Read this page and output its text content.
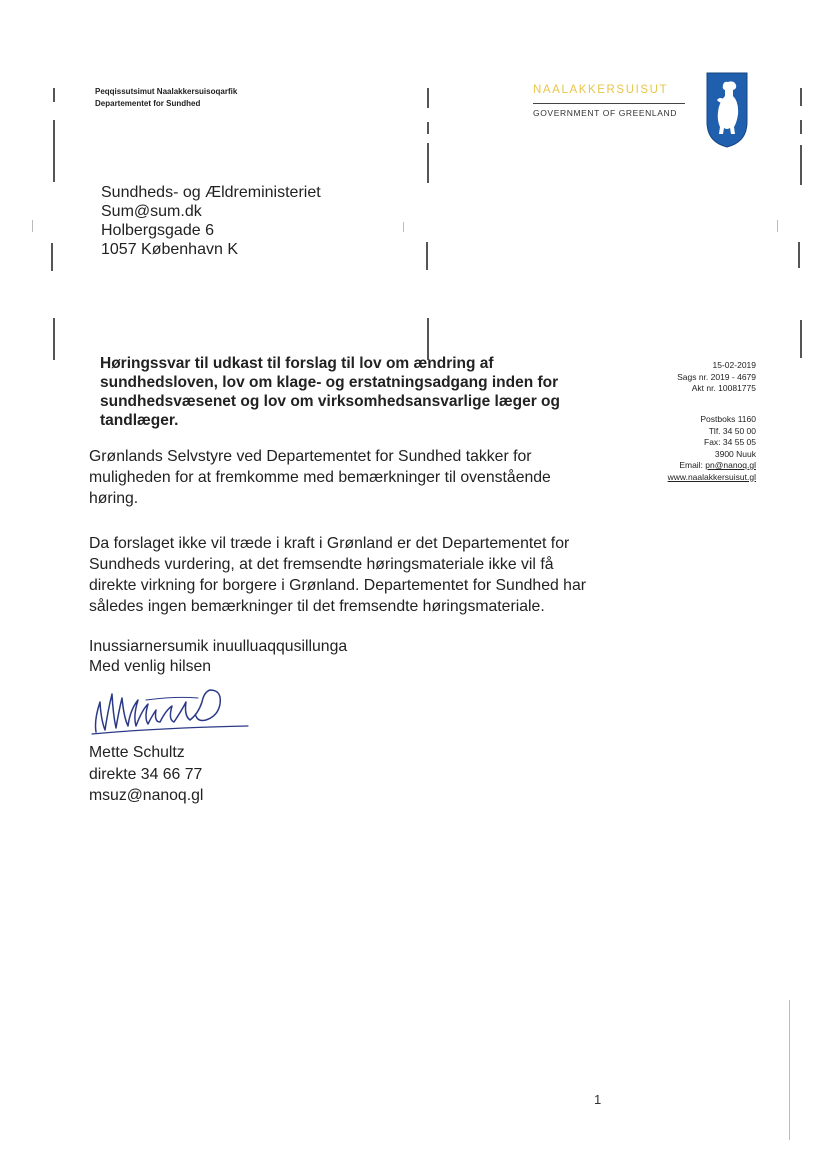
Peqqissutsimut Naalakkersuisoqarfik
Departementet for Sundhed
NAALAKKERSUISUT
GOVERNMENT OF GREENLAND
Sundheds- og Ældreministeriet
Sum@sum.dk
Holbergsgade 6
1057 København K
Høringssvar til udkast til forslag til lov om ændring af sundhedsloven, lov om klage- og erstatningsadgang inden for sundhedsvæsenet og lov om virksomhedsansvarlige læger og tandlæger.
15-02-2019
Sags nr. 2019 - 4679
Akt nr. 10081775
Postboks 1160
Tlf. 34 50 00
Fax: 34 55 05
3900 Nuuk
Email: pn@nanoq.gl
www.naalakkersuisut.gl
Grønlands Selvstyre ved Departementet for Sundhed takker for muligheden for at fremkomme med bemærkninger til ovenstående høring.
Da forslaget ikke vil træde i kraft i Grønland er det Departementet for Sundheds vurdering, at det fremsendte høringsmateriale ikke vil få direkte virkning for borgere i Grønland. Departementet for Sundhed har således ingen bemærkninger til det fremsendte høringsmateriale.
Inussiarnersumik inuulluaqqusillunga
Med venlig hilsen
Mette Schultz
direkte 34 66 77
msuz@nanoq.gl
1
